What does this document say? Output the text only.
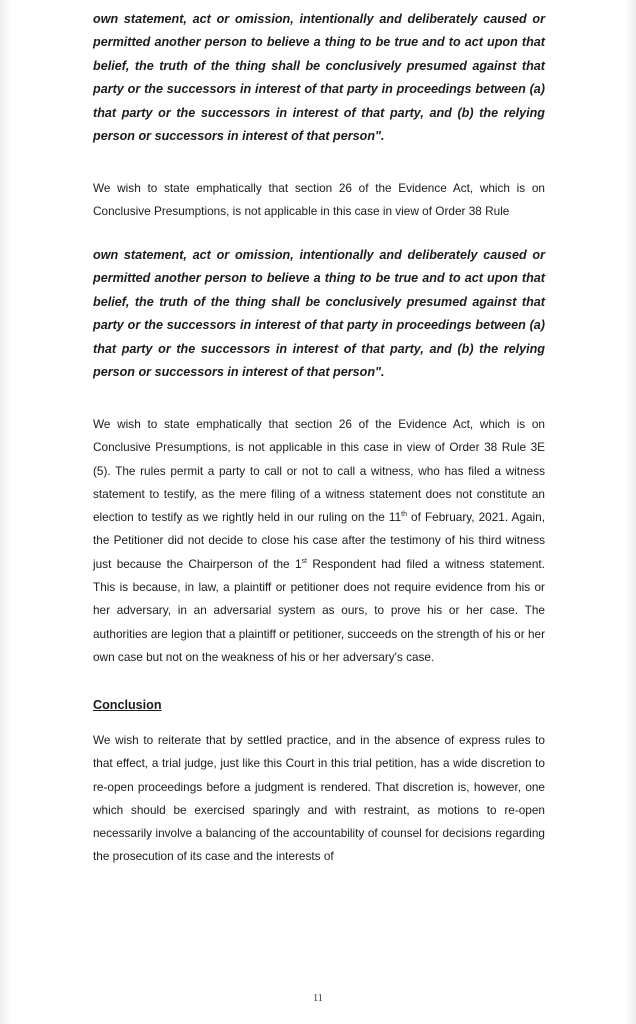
own statement, act or omission, intentionally and deliberately caused or permitted another person to believe a thing to be true and to act upon that belief, the truth of the thing shall be conclusively presumed against that party or the successors in interest of that party in proceedings between (a) that party or the successors in interest of that party, and (b) the relying person or successors in interest of that person".

We wish to state emphatically that section 26 of the Evidence Act, which is on Conclusive Presumptions, is not applicable in this case in view of Order 38 Rule

own statement, act or omission, intentionally and deliberately caused or permitted another person to believe a thing to be true and to act upon that belief, the truth of the thing shall be conclusively presumed against that party or the successors in interest of that party in proceedings between (a) that party or the successors in interest of that party, and (b) the relying person or successors in interest of that person".

We wish to state emphatically that section 26 of the Evidence Act, which is on Conclusive Presumptions, is not applicable in this case in view of Order 38 Rule 3E (5). The rules permit a party to call or not to call a witness, who has filed a witness statement to testify, as the mere filing of a witness statement does not constitute an election to testify as we rightly held in our ruling on the 11th of February, 2021. Again, the Petitioner did not decide to close his case after the testimony of his third witness just because the Chairperson of the 1st Respondent had filed a witness statement. This is because, in law, a plaintiff or petitioner does not require evidence from his or her adversary, in an adversarial system as ours, to prove his or her case. The authorities are legion that a plaintiff or petitioner, succeeds on the strength of his or her own case but not on the weakness of his or her adversary's case.

Conclusion

We wish to reiterate that by settled practice, and in the absence of express rules to that effect, a trial judge, just like this Court in this trial petition, has a wide discretion to re-open proceedings before a judgment is rendered. That discretion is, however, one which should be exercised sparingly and with restraint, as motions to re-open necessarily involve a balancing of the accountability of counsel for decisions regarding the prosecution of its case and the interests of

11
